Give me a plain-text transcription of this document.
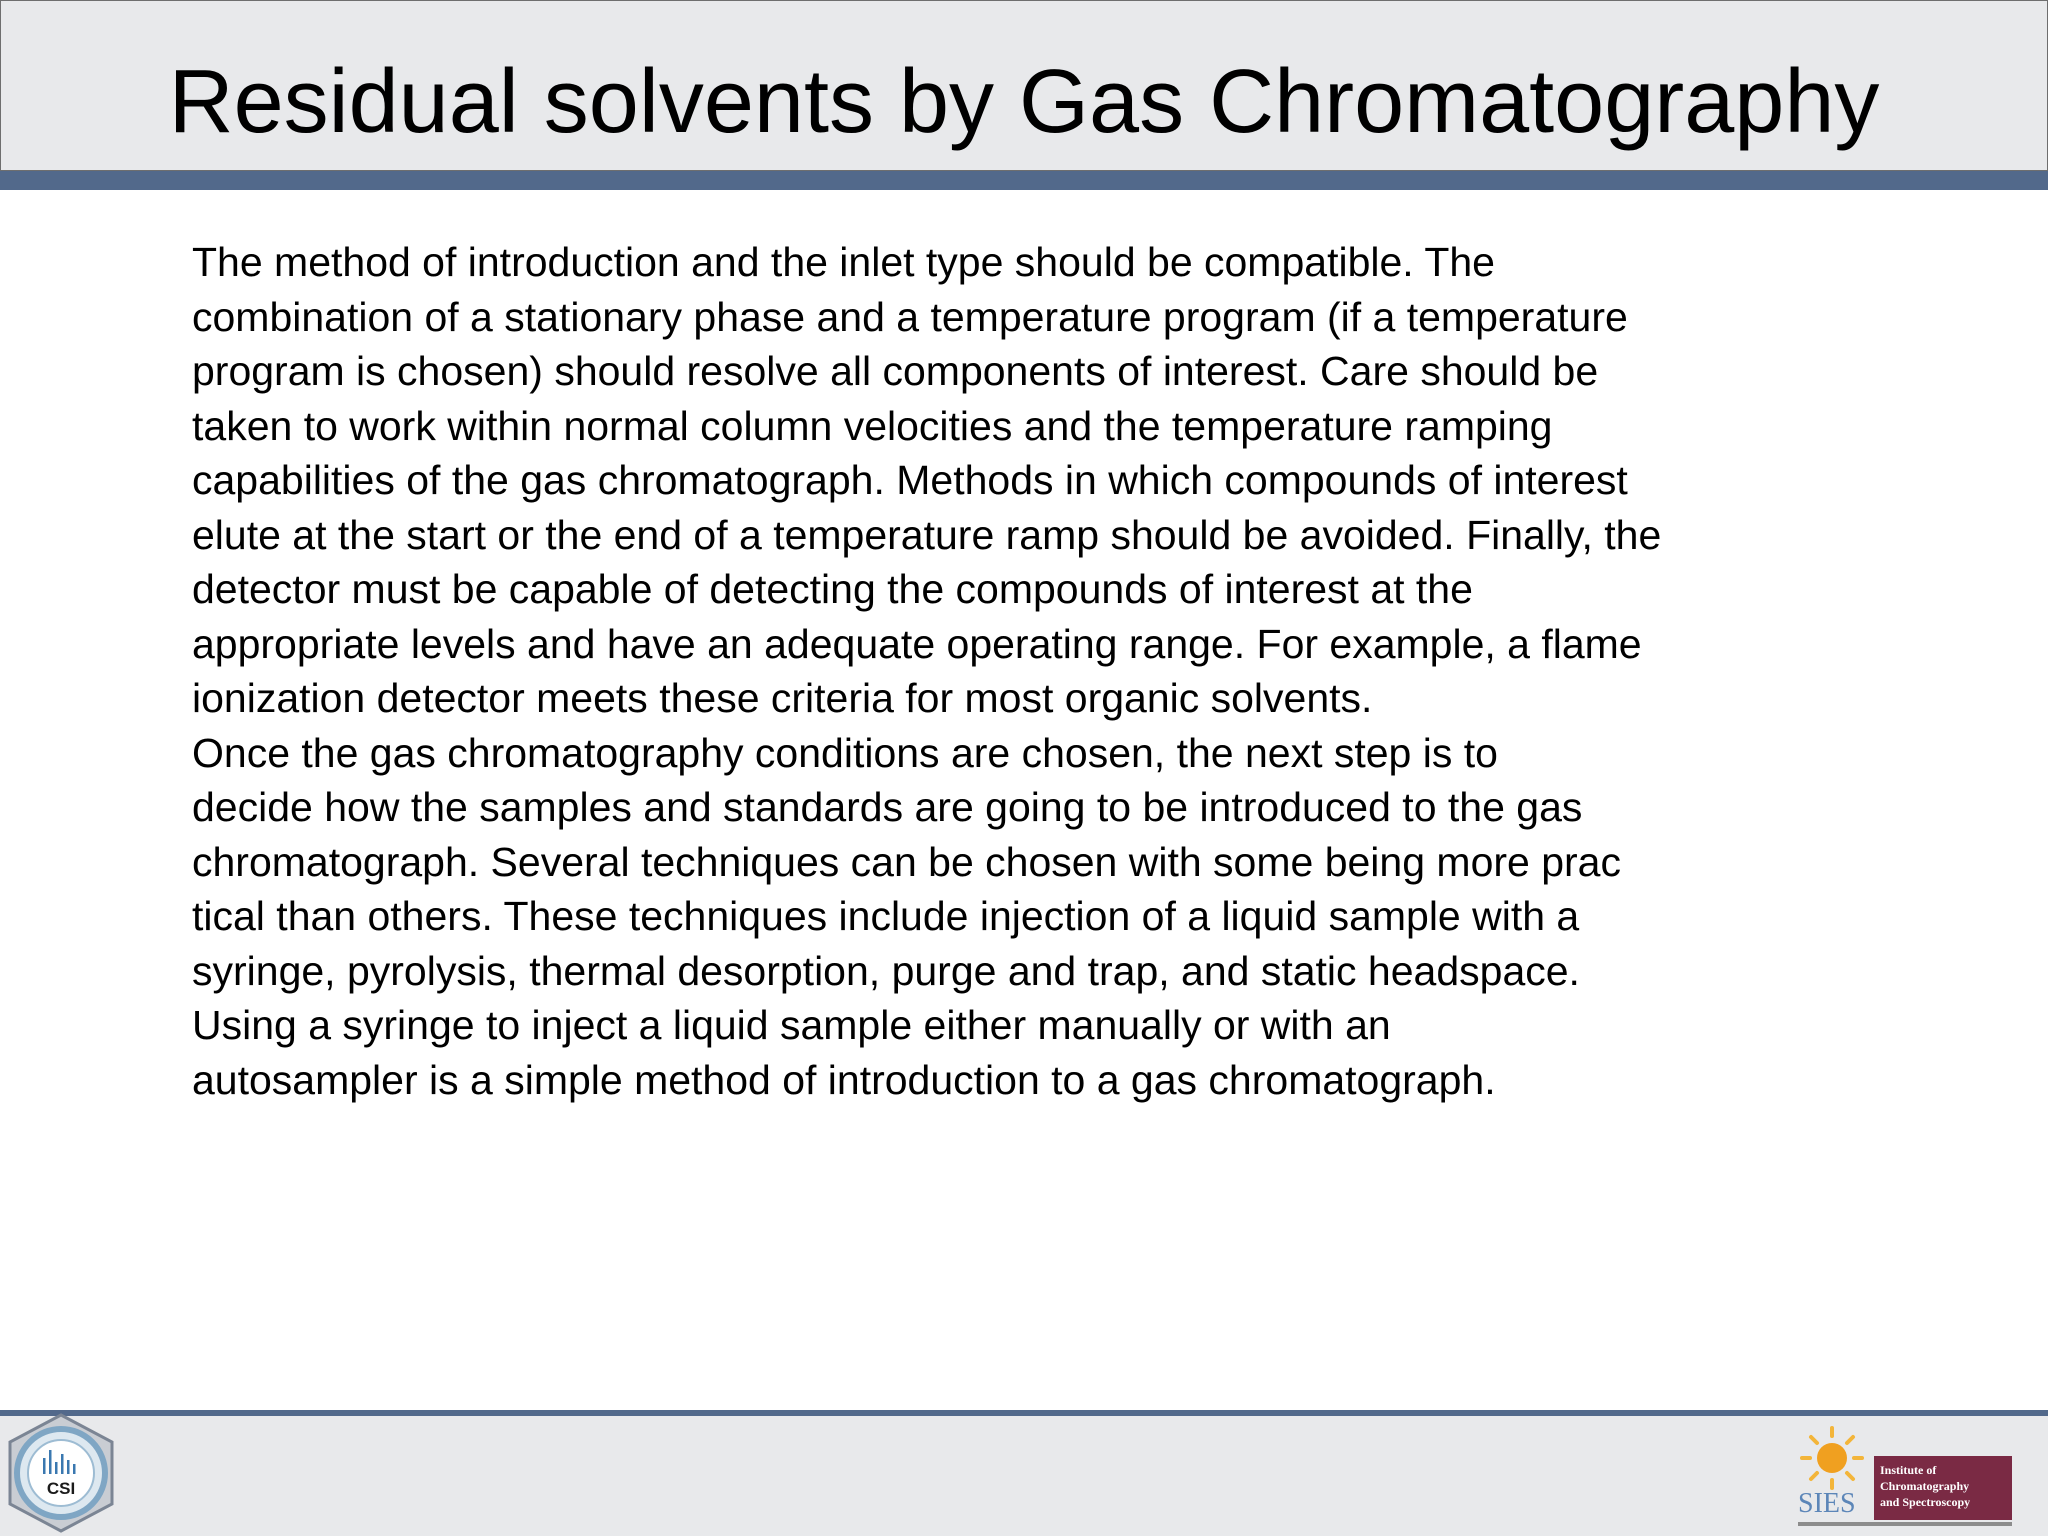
Residual solvents by Gas Chromatography
The method of introduction and the inlet type should be compatible. The
combination of a stationary phase and a temperature program (if a temperature
program is chosen) should resolve all components of interest. Care should be
taken to work within normal column velocities and the temperature ramping
capabilities of the gas chromatograph. Methods in which compounds of interest
elute at the start or the end of a temperature ramp should be avoided. Finally, the
detector must be capable of detecting the compounds of interest at the
appropriate levels and have an adequate operating range. For example, a flame
ionization detector meets these criteria for most organic solvents.
Once the gas chromatography conditions are chosen, the next step is to
decide how the samples and standards are going to be introduced to the gas
chromatograph. Several techniques can be chosen with some being more prac
tical than others. These techniques include injection of a liquid sample with a
syringe, pyrolysis, thermal desorption, purge and trap, and static headspace.
Using a syringe to inject a liquid sample either manually or with an
autosampler is a simple method of introduction to a gas chromatograph.
CSI	SIES
Institute of
Chromatography
and Spectroscopy
